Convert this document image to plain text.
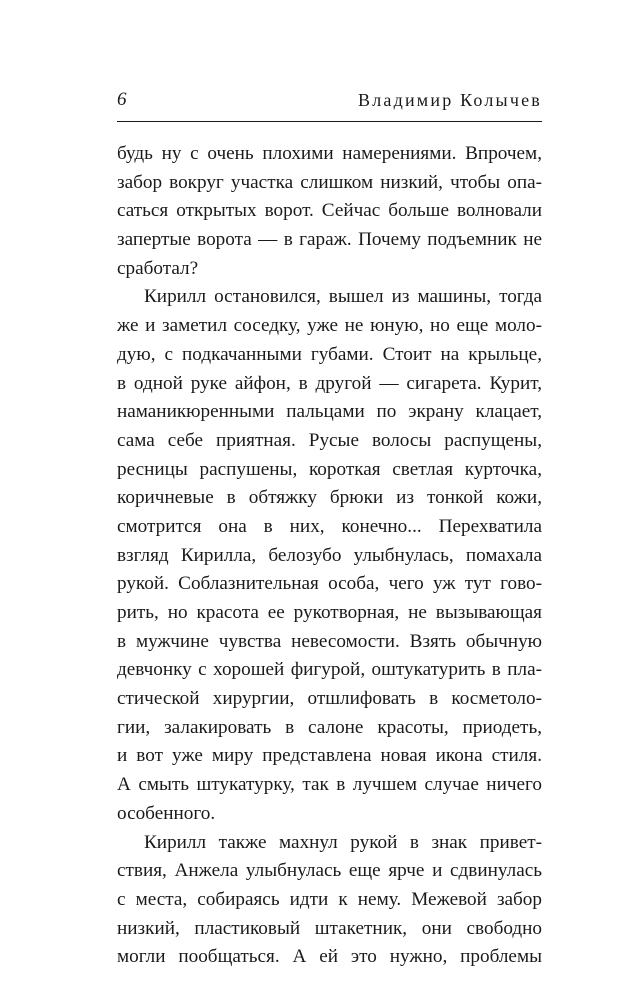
6	Владимир Колычев
будь ну с очень плохими намерениями. Впрочем,
забор вокруг участка слишком низкий, чтобы опа-
саться открытых ворот. Сейчас больше волновали
запертые ворота — в гараж. Почему подъемник не
сработал?
Кирилл остановился, вышел из машины, тогда
же и заметил соседку, уже не юную, но еще моло-
дую, с подкачанными губами. Стоит на крыльце,
в одной руке айфон, в другой — сигарета. Курит,
наманикюренными пальцами по экрану клацает,
сама себе приятная. Русые волосы распущены,
ресницы распушены, короткая светлая курточка,
коричневые в обтяжку брюки из тонкой кожи,
смотрится она в них, конечно... Перехватила
взгляд Кирилла, белозубо улыбнулась, помахала
рукой. Соблазнительная особа, чего уж тут гово-
рить, но красота ее рукотворная, не вызывающая
в мужчине чувства невесомости. Взять обычную
девчонку с хорошей фигурой, оштукатурить в пла-
стической хирургии, отшлифовать в косметоло-
гии, залакировать в салоне красоты, приодеть,
и вот уже миру представлена новая икона стиля.
А смыть штукатурку, так в лучшем случае ничего
особенного.
Кирилл также махнул рукой в знак привет-
ствия, Анжела улыбнулась еще ярче и сдвинулась
с места, собираясь идти к нему. Межевой забор
низкий, пластиковый штакетник, они свободно
могли пообщаться. А ей это нужно, проблемы
